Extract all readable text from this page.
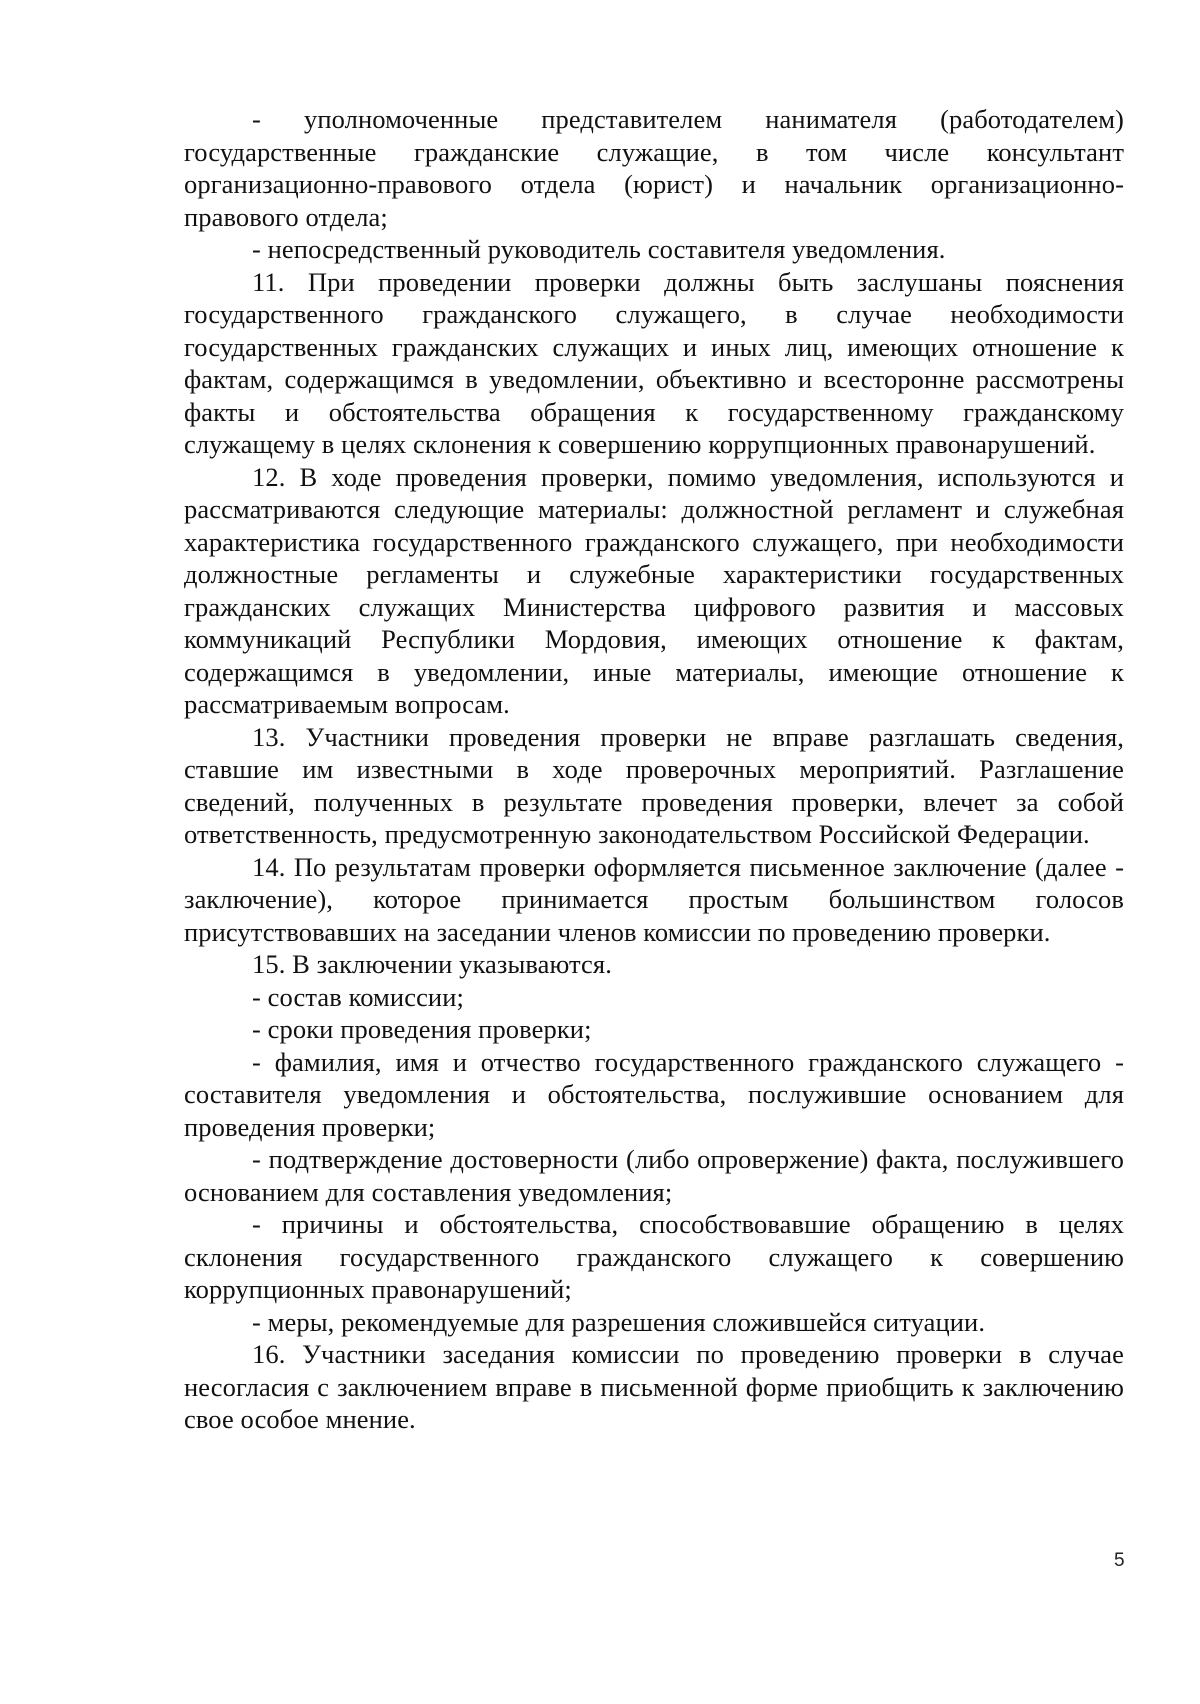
- уполномоченные представителем нанимателя (работодателем) государственные гражданские служащие, в том числе консультант организационно-правового отдела (юрист) и начальник организационно-правового отдела;

- непосредственный руководитель составителя уведомления.

11. При проведении проверки должны быть заслушаны пояснения государственного гражданского служащего, в случае необходимости государственных гражданских служащих и иных лиц, имеющих отношение к фактам, содержащимся в уведомлении, объективно и всесторонне рассмотрены факты и обстоятельства обращения к государственному гражданскому служащему в целях склонения к совершению коррупционных правонарушений.

12. В ходе проведения проверки, помимо уведомления, используются и рассматриваются следующие материалы: должностной регламент и служебная характеристика государственного гражданского служащего, при необходимости должностные регламенты и служебные характеристики государственных гражданских служащих Министерства цифрового развития и массовых коммуникаций Республики Мордовия, имеющих отношение к фактам, содержащимся в уведомлении, иные материалы, имеющие отношение к рассматриваемым вопросам.

13. Участники проведения проверки не вправе разглашать сведения, ставшие им известными в ходе проверочных мероприятий. Разглашение сведений, полученных в результате проведения проверки, влечет за собой ответственность, предусмотренную законодательством Российской Федерации.

14. По результатам проверки оформляется письменное заключение (далее - заключение), которое принимается простым большинством голосов присутствовавших на заседании членов комиссии по проведению проверки.

15. В заключении указываются.

- состав комиссии;

- сроки проведения проверки;

- фамилия, имя и отчество государственного гражданского служащего - составителя уведомления и обстоятельства, послужившие основанием для проведения проверки;

- подтверждение достоверности (либо опровержение) факта, послужившего основанием для составления уведомления;

- причины и обстоятельства, способствовавшие обращению в целях склонения государственного гражданского служащего к совершению коррупционных правонарушений;

- меры, рекомендуемые для разрешения сложившейся ситуации.

16. Участники заседания комиссии по проведению проверки в случае несогласия с заключением вправе в письменной форме приобщить к заключению свое особое мнение.

5
